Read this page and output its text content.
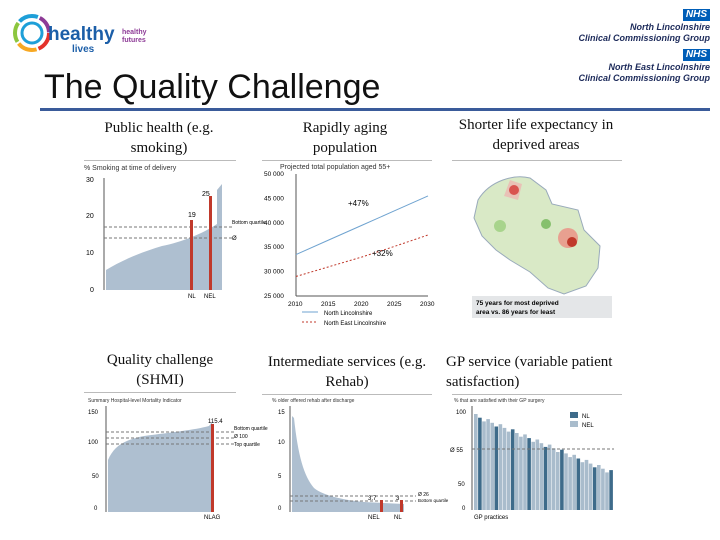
healthy
lives
healthy
futures
NHS
North Lincolnshire
Clinical Commissioning Group
NHS
North East Lincolnshire
Clinical Commissioning Group
The Quality Challenge
Public health (e.g. smoking)
Rapidly aging population
Shorter life expectancy in deprived areas
Quality challenge (SHMI)
Intermediate services (e.g. Rehab)
GP service (variable patient satisfaction)
% Smoking at time of delivery
30
20
10
0
25
19
Bottom quartile
Ø
NL NEL
Projected total population aged 55+
25 000
30 000
35 000
40 000
45 000
50 000
2010	2015	2020	2025	2030
+47%
+32%
North Lincolnshire
North East Lincolnshire
75 years for most deprived
area vs. 86 years for least
Summary Hospital-level Mortality Indicator
150
100
50
0
115.4
Bottom quartile
Ø 100
Top quartile
NLAG
% older offered rehab after discharge
15
10
5
0
3.7	3
Ø 26
Bottom quartile
NEL NL
% that are satisfied with their GP surgery
100
Ø 55
50
0
NL
NEL
GP practices
